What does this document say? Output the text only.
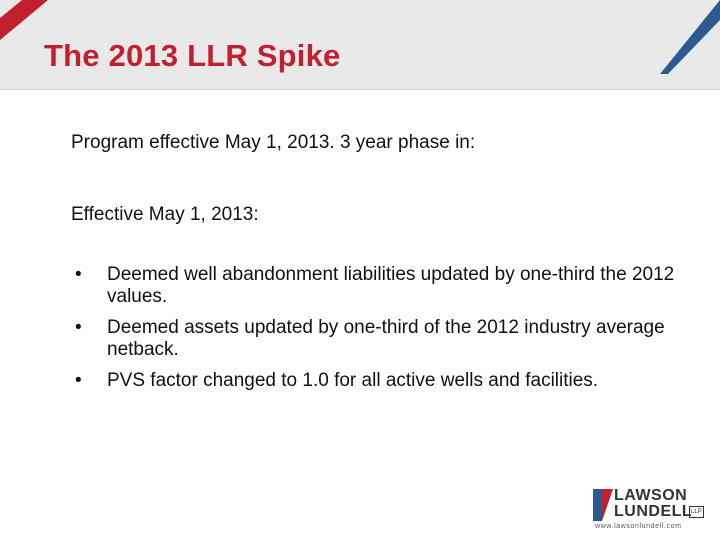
The 2013 LLR Spike

Program effective May 1, 2013. 3 year phase in:

Effective May 1, 2013:

• Deemed well abandonment liabilities updated by one-third the 2012 values.
• Deemed assets updated by one-third of the 2012 industry average netback.
• PVS factor changed to 1.0 for all active wells and facilities.
LAWSON
LUNDELL
LLP
www.lawsonlundell.com
